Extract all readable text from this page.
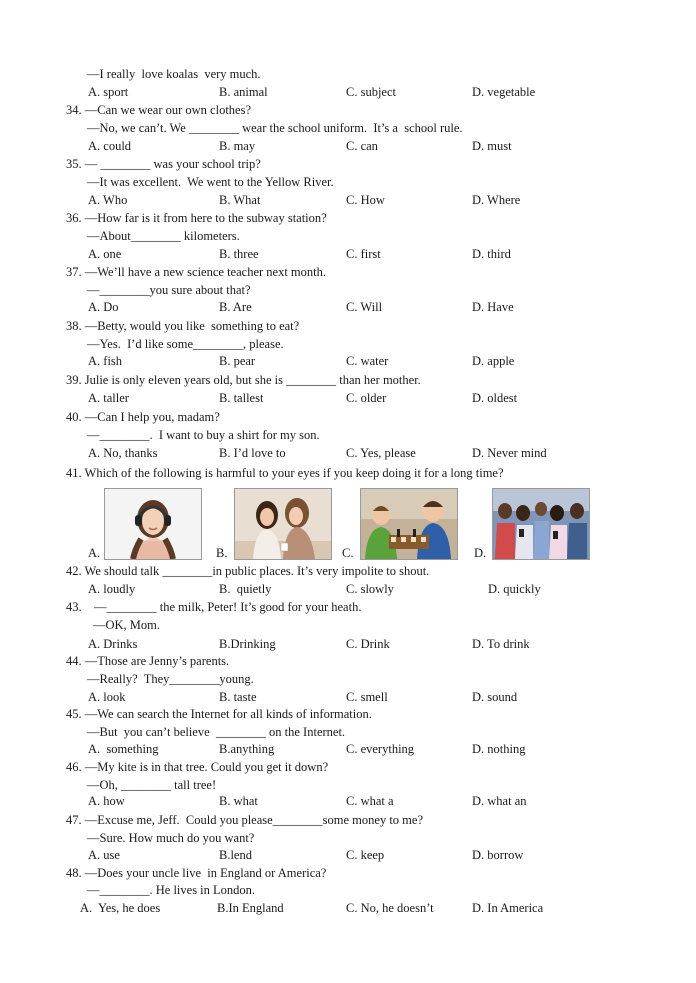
—I really  love koalas  very much.
A. sport	B. animal	C. subject	D. vegetable
34. —Can we wear our own clothes?
—No, we can’t. We ________ wear the school uniform.  It’s a  school rule.
A. could	B. may	C. can	D. must
35. — ________ was your school trip?
—It was excellent.  We went to the Yellow River.
A. Who	B. What	C. How	D. Where
36. —How far is it from here to the subway station?
—About________ kilometers.
A. one	B. three	C. first	D. third
37. —We’ll have a new science teacher next month.
—________you sure about that?
A. Do	B. Are	C. Will	D. Have
38. —Betty, would you like  something to eat?
—Yes.  I’d like some________, please.
A. fish	B. pear	C. water	D. apple
39. Julie is only eleven years old, but she is ________ than her mother.
A. taller	B. tallest	C. older	D. oldest
40. —Can I help you, madam?
—________.  I want to buy a shirt for my son.
A. No, thanks	B. I’d love to	C. Yes, please	D. Never mind
41. Which of the following is harmful to your eyes if you keep doing it for a long time?
A.	B.	C.	D.
42. We should talk ________in public places. It’s very impolite to shout.
A. loudly	B.  quietly	C. slowly	D. quickly
43.    —________ the milk, Peter! It’s good for your heath.
—OK, Mom.
A. Drinks	B.Drinking	C. Drink	D. To drink
44. —Those are Jenny’s parents.
—Really?  They________young.
A. look	B. taste	C. smell	D. sound
45. —We can search the Internet for all kinds of information.
—But  you can’t believe  ________ on the Internet.
A.  something	B.anything	C. everything	D. nothing
46. —My kite is in that tree. Could you get it down?
—Oh, ________ tall tree!
A. how	B. what	C. what a	D. what an
47. —Excuse me, Jeff.  Could you please________some money to me?
—Sure. How much do you want?
A. use	B.lend	C. keep	D. borrow
48. —Does your uncle live  in England or America?
—________. He lives in London.
A.  Yes, he does	B.In England	C. No, he doesn’t	D. In America
